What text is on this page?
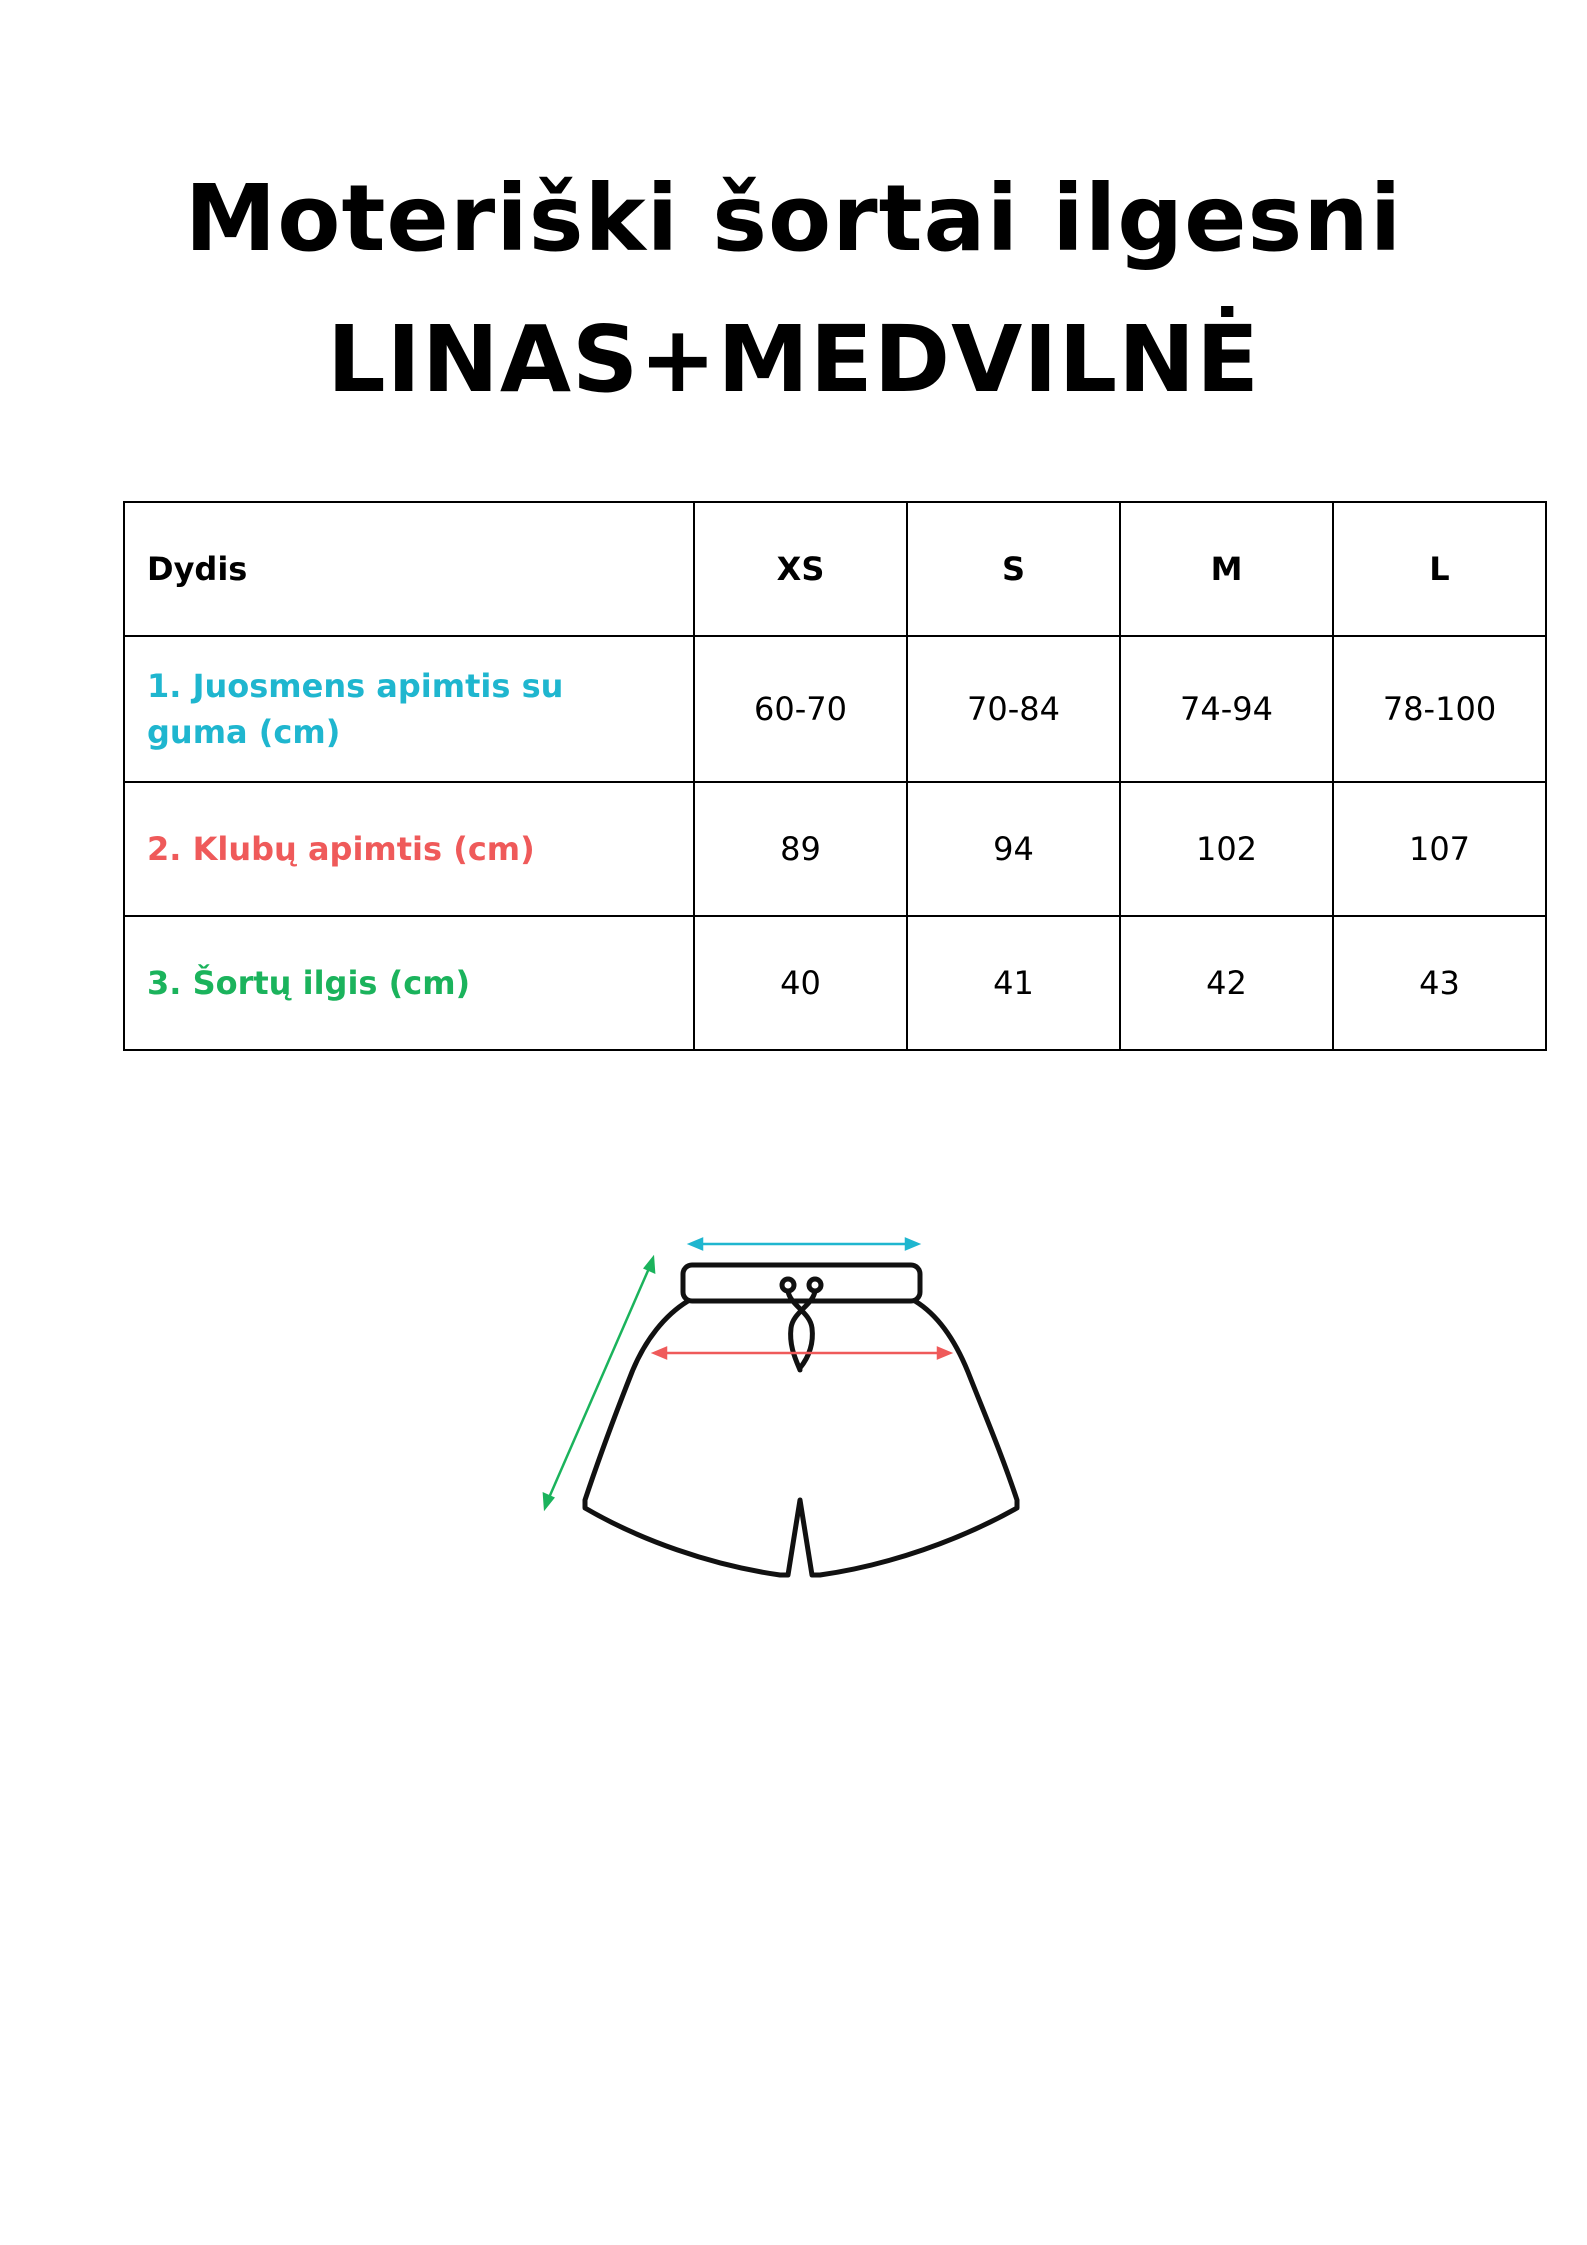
Moteriški šortai ilgesni
LINAS+MEDVILNĖ
Dydis	XS	S	M	L
1. Juosmens apimtis su guma (cm)	60-70	70-84	74-94	78-100
2. Klubų apimtis (cm)	89	94	102	107
3. Šortų ilgis (cm)	40	41	42	43
